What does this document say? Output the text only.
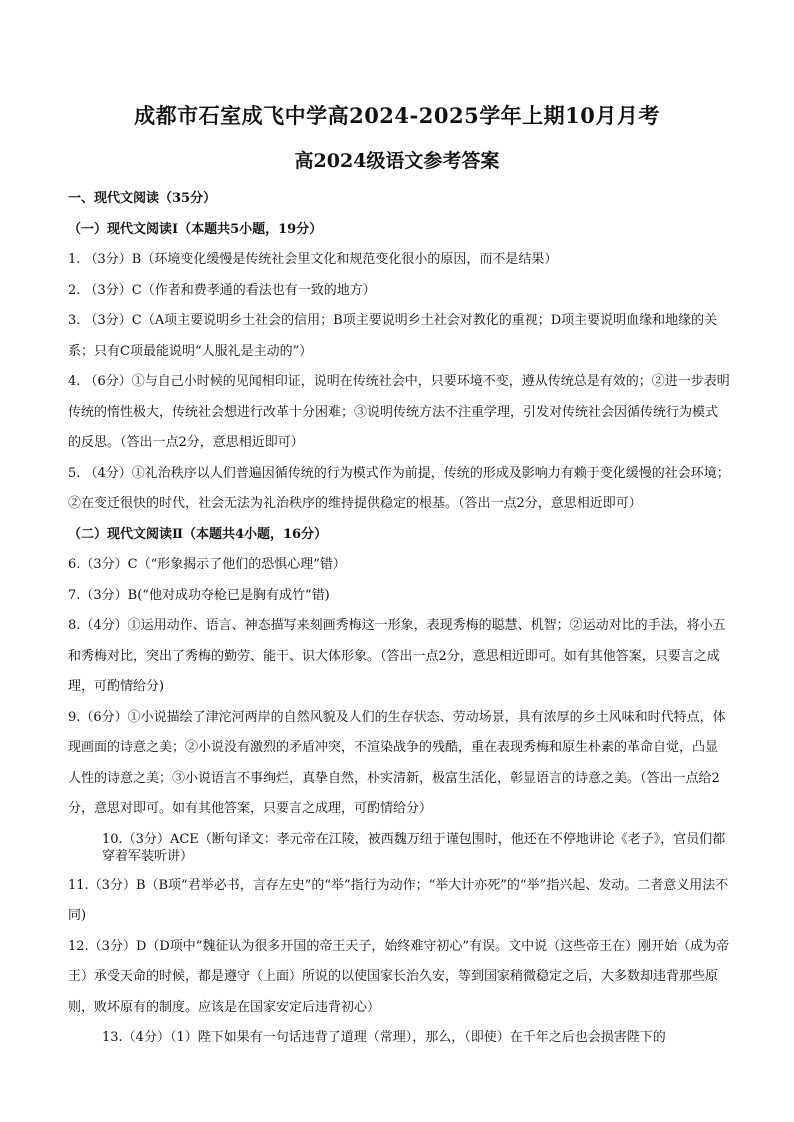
成都市石室成飞中学高2024-2025学年上期10月月考
高2024级语文参考答案

一、现代文阅读（35分）

（一）现代文阅读Ⅰ（本题共5小题，19分）

1. （3分）B（环境变化缓慢是传统社会里文化和规范变化很小的原因，而不是结果）

2. （3分）C（作者和费孝通的看法也有一致的地方）

3. （3分）C（A项主要说明乡土社会的信用；B项主要说明乡土社会对教化的重视；D项主要说明血缘和地缘的关系；只有C项最能说明“人服礼是主动的”）

4. （6分）①与自己小时候的见闻相印证，说明在传统社会中，只要环境不变，遵从传统总是有效的；②进一步表明传统的惰性极大，传统社会想进行改革十分困难；③说明传统方法不注重学理，引发对传统社会因循传统行为模式的反思。（答出一点2分，意思相近即可）

5. （4分）①礼治秩序以人们普遍因循传统的行为模式作为前提，传统的形成及影响力有赖于变化缓慢的社会环境；②在变迁很快的时代，社会无法为礼治秩序的维持提供稳定的根基。（答出一点2分，意思相近即可）

（二）现代文阅读Ⅱ（本题共4小题，16分）

6.（3分）C（“形象揭示了他们的恐惧心理”错）

7.（3分）B(“他对成功夺枪已是胸有成竹”错)

8.（4分）①运用动作、语言、神态描写来刻画秀梅这一形象，表现秀梅的聪慧、机智；②运动对比的手法，将小五和秀梅对比，突出了秀梅的勤劳、能干、识大体形象。（答出一点2分，意思相近即可。如有其他答案，只要言之成理，可酌情给分)

9.（6分）①小说描绘了津沱河两岸的自然风貌及人们的生存状态、劳动场景，具有浓厚的乡土风味和时代特点，体现画面的诗意之美；②小说没有激烈的矛盾冲突，不渲染战争的残酷，重在表现秀梅和原生朴素的革命自觉，凸显人性的诗意之美；③小说语言不事绚烂，真挚自然，朴实清新，极富生活化，彰显语言的诗意之美。（答出一点给2分，意思对即可。如有其他答案，只要言之成理，可酌情给分）

10.（3分）ACE（断句译文：孝元帝在江陵，被西魏万纽于谨包围时，他还在不停地讲论《老子》，官员们都穿着军装听讲）

11.（3分）B（B项“君举必书，言存左史”的“举”指行为动作；“举大计亦死”的“举”指兴起、发动。二者意义用法不同)

12.（3分）D（D项中“魏征认为很多开国的帝王天子，始终难守初心”有误。文中说（这些帝王在）刚开始（成为帝王）承受天命的时候，都是遵守（上面）所说的以使国家长治久安，等到国家稍微稳定之后，大多数却违背那些原则，败坏原有的制度。应该是在国家安定后违背初心）

13.（4分）（1）陛下如果有一句话违背了道理（常理），那么，（即使）在千年之后也会损害陛下的
